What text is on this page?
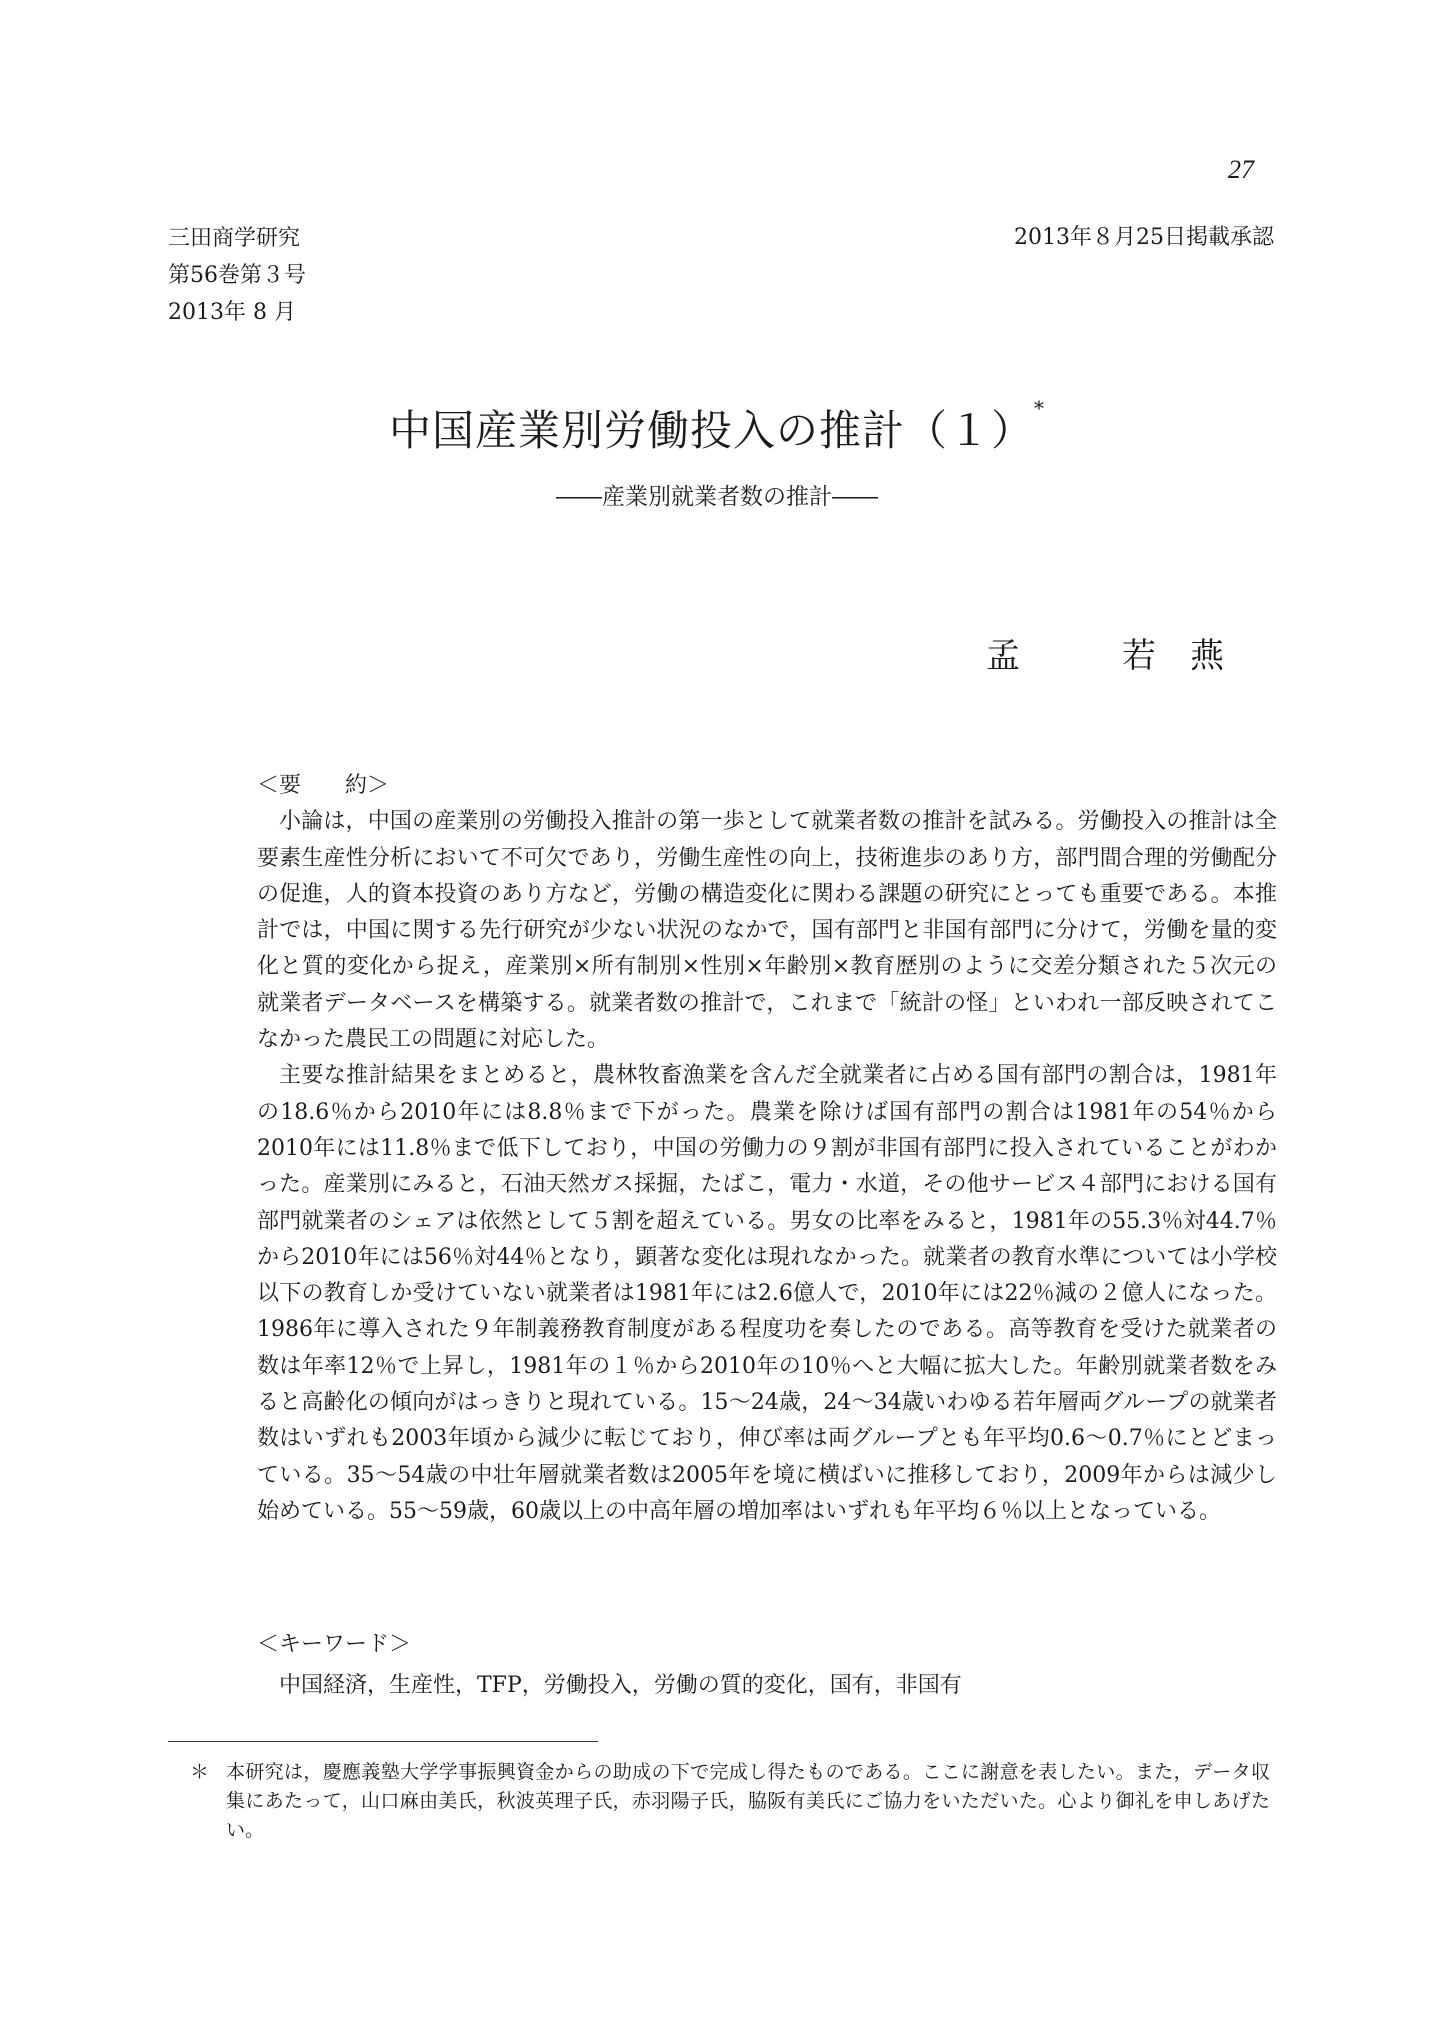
27
三田商学研究
第56巻第３号
2013年 8 月
2013年８月25日掲載承認
中国産業別労働投入の推計（１）*
――産業別就業者数の推計――
孟　　　若　燕
＜要　　約＞

小論は，中国の産業別の労働投入推計の第一歩として就業者数の推計を試みる。労働投入の推計は全要素生産性分析において不可欠であり，労働生産性の向上，技術進歩のあり方，部門間合理的労働配分の促進，人的資本投資のあり方など，労働の構造変化に関わる課題の研究にとっても重要である。本推計では，中国に関する先行研究が少ない状況のなかで，国有部門と非国有部門に分けて，労働を量的変化と質的変化から捉え，産業別×所有制別×性別×年齢別×教育歴別のように交差分類された５次元の就業者データベースを構築する。就業者数の推計で，これまで「統計の怪」といわれ一部反映されてこなかった農民工の問題に対応した。

主要な推計結果をまとめると，農林牧畜漁業を含んだ全就業者に占める国有部門の割合は，1981年の18.6％から2010年には8.8％まで下がった。農業を除けば国有部門の割合は1981年の54％から2010年には11.8％まで低下しており，中国の労働力の９割が非国有部門に投入されていることがわかった。産業別にみると，石油天然ガス採掘，たばこ，電力・水道，その他サービス４部門における国有部門就業者のシェアは依然として５割を超えている。男女の比率をみると，1981年の55.3％対44.7％から2010年には56％対44％となり，顕著な変化は現れなかった。就業者の教育水準については小学校以下の教育しか受けていない就業者は1981年には2.6億人で，2010年には22％減の２億人になった。1986年に導入された９年制義務教育制度がある程度功を奏したのである。高等教育を受けた就業者の数は年率12％で上昇し，1981年の１％から2010年の10％へと大幅に拡大した。年齢別就業者数をみると高齢化の傾向がはっきりと現れている。15～24歳，24～34歳いわゆる若年層両グループの就業者数はいずれも2003年頃から減少に転じており，伸び率は両グループとも年平均0.6～0.7％にとどまっている。35～54歳の中壮年層就業者数は2005年を境に横ばいに推移しており，2009年からは減少し始めている。55～59歳，60歳以上の中高年層の増加率はいずれも年平均６％以上となっている。

＜キーワード＞
中国経済，生産性，TFP，労働投入，労働の質的変化，国有，非国有
＊ 本研究は，慶應義塾大学学事振興資金からの助成の下で完成し得たものである。ここに謝意を表したい。また，データ収集にあたって，山口麻由美氏，秋波英理子氏，赤羽陽子氏，脇阪有美氏にご協力をいただいた。心より御礼を申しあげたい。
